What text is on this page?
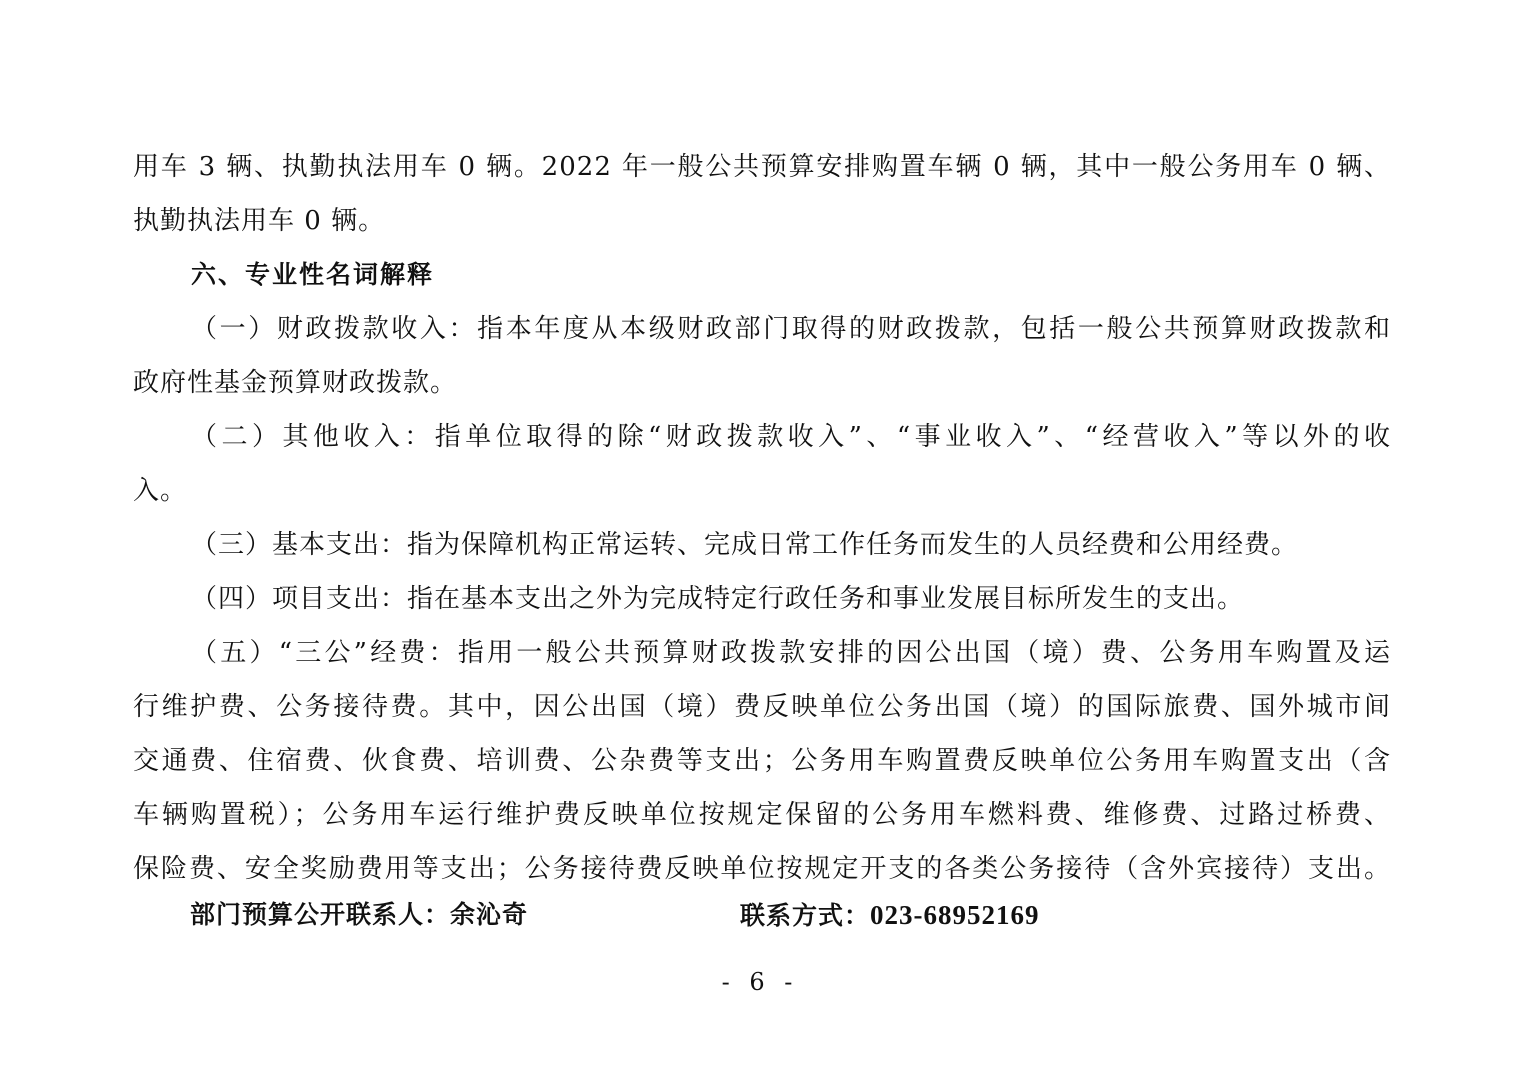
用车 3 辆、执勤执法用车 0 辆。2022 年一般公共预算安排购置车辆 0 辆，其中一般公务用车 0 辆、
执勤执法用车 0 辆。
六、专业性名词解释
（一）财政拨款收入：指本年度从本级财政部门取得的财政拨款，包括一般公共预算财政拨款和
政府性基金预算财政拨款。
（二）其他收入：指单位取得的除“财政拨款收入”、“事业收入”、“经营收入”等以外的收
入。
（三）基本支出：指为保障机构正常运转、完成日常工作任务而发生的人员经费和公用经费。
（四）项目支出：指在基本支出之外为完成特定行政任务和事业发展目标所发生的支出。
（五）“三公”经费：指用一般公共预算财政拨款安排的因公出国（境）费、公务用车购置及运
行维护费、公务接待费。其中，因公出国（境）费反映单位公务出国（境）的国际旅费、国外城市间
交通费、住宿费、伙食费、培训费、公杂费等支出；公务用车购置费反映单位公务用车购置支出（含
车辆购置税）；公务用车运行维护费反映单位按规定保留的公务用车燃料费、维修费、过路过桥费、
保险费、安全奖励费用等支出；公务接待费反映单位按规定开支的各类公务接待（含外宾接待）支出。
部门预算公开联系人：余沁奇	联系方式：023-68952169
- 6 -
